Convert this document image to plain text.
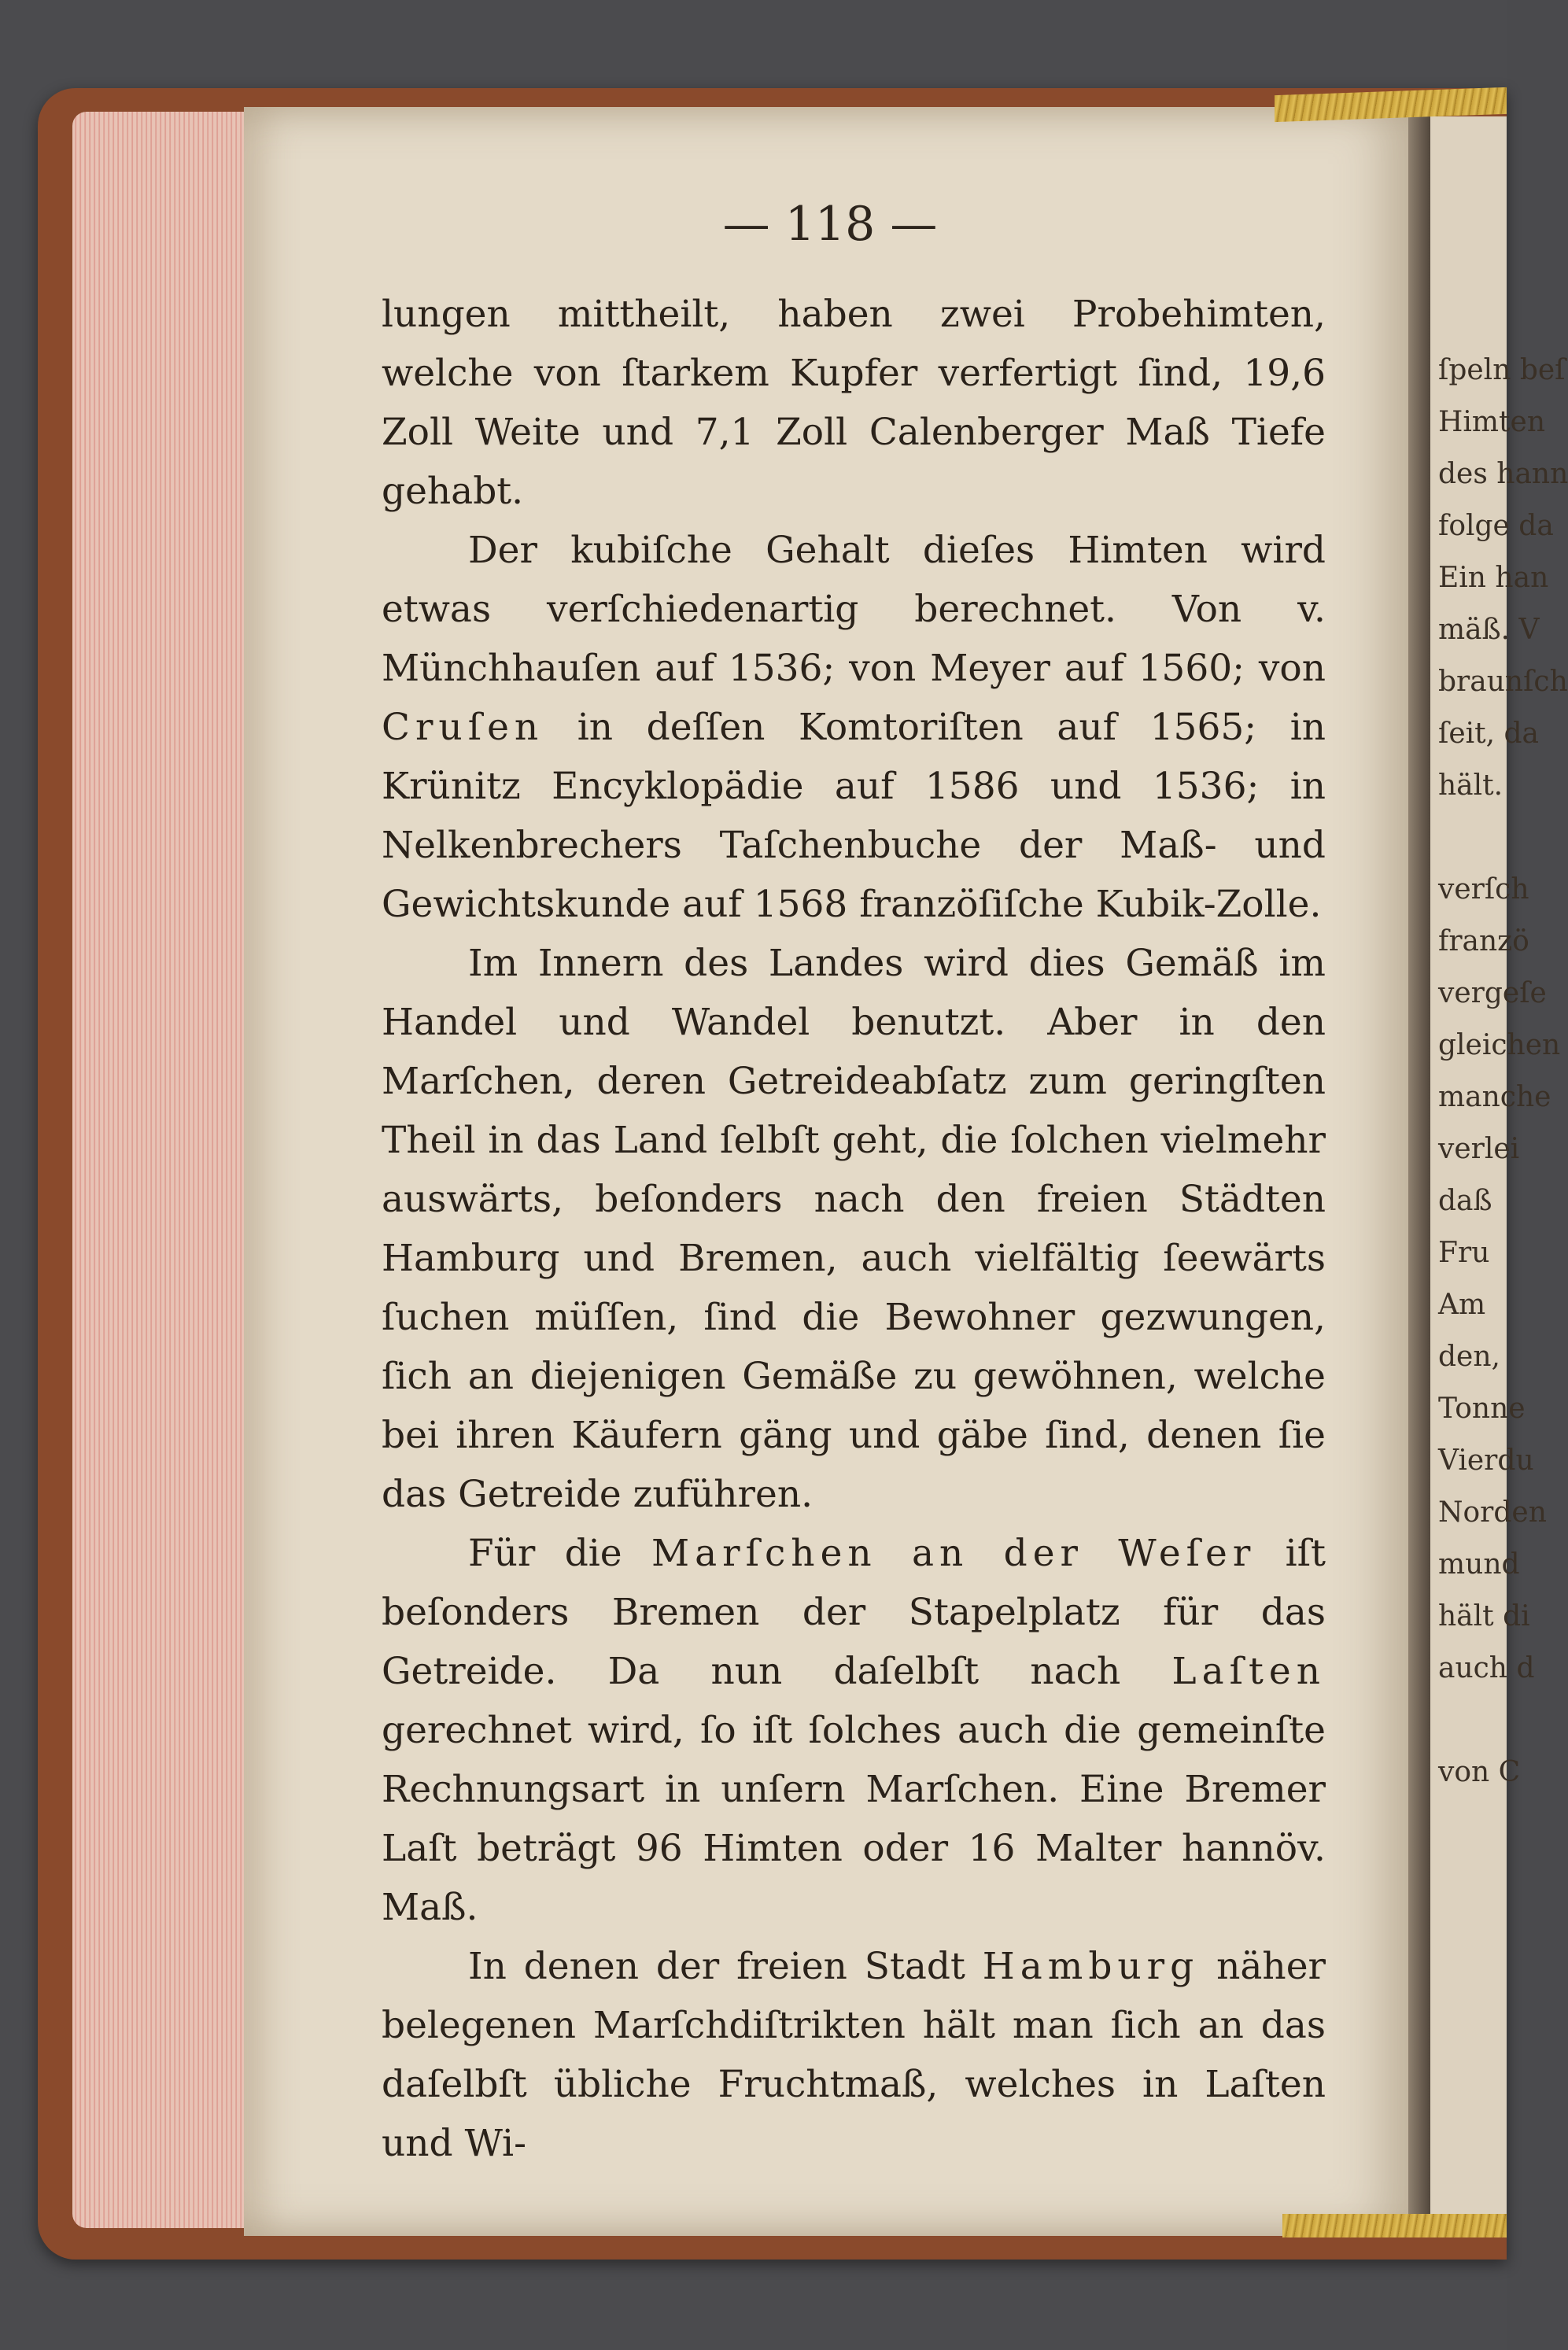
ſpeln beſ
Himten
des hann
folge da
Ein han
mäß. V
braunſch
ſeit, da
hält.

verſch
franzö
vergeſe
gleichen
manche
verlei
daß
Fru
Am
den,
Tonne
Vierdu
Norden
mund
hält di
auch d

von C
— 118 —

lungen mittheilt, haben zwei Probehimten, welche von ſtarkem Kupfer verfertigt ſind, 19,6 Zoll Weite und 7,1 Zoll Calenberger Maß Tiefe gehabt.

Der kubiſche Gehalt dieſes Himten wird etwas verſchiedenartig berechnet. Von v. Münchhauſen auf 1536; von Meyer auf 1560; von Cruſen in deſſen Komtoriſten auf 1565; in Krünitz Encyklopädie auf 1586 und 1536; in Nelkenbrechers Taſchenbuche der Maß- und Gewichtskunde auf 1568 franzöſiſche Kubik-Zolle.

Im Innern des Landes wird dies Gemäß im Handel und Wandel benutzt. Aber in den Marſchen, deren Getreideabſatz zum geringſten Theil in das Land ſelbſt geht, die ſolchen vielmehr auswärts, beſonders nach den freien Städten Hamburg und Bremen, auch vielfältig ſeewärts ſuchen müſſen, ſind die Bewohner gezwungen, ſich an diejenigen Gemäße zu gewöhnen, welche bei ihren Käufern gäng und gäbe ſind, denen ſie das Getreide zuführen.

Für die Marſchen an der Weſer iſt beſonders Bremen der Stapelplatz für das Getreide. Da nun daſelbſt nach Laſten gerechnet wird, ſo iſt ſolches auch die gemeinſte Rechnungsart in unſern Marſchen. Eine Bremer Laſt beträgt 96 Himten oder 16 Malter hannöv. Maß.

In denen der freien Stadt Hamburg näher belegenen Marſchdiſtrikten hält man ſich an das daſelbſt übliche Fruchtmaß, welches in Laſten und Wi-
